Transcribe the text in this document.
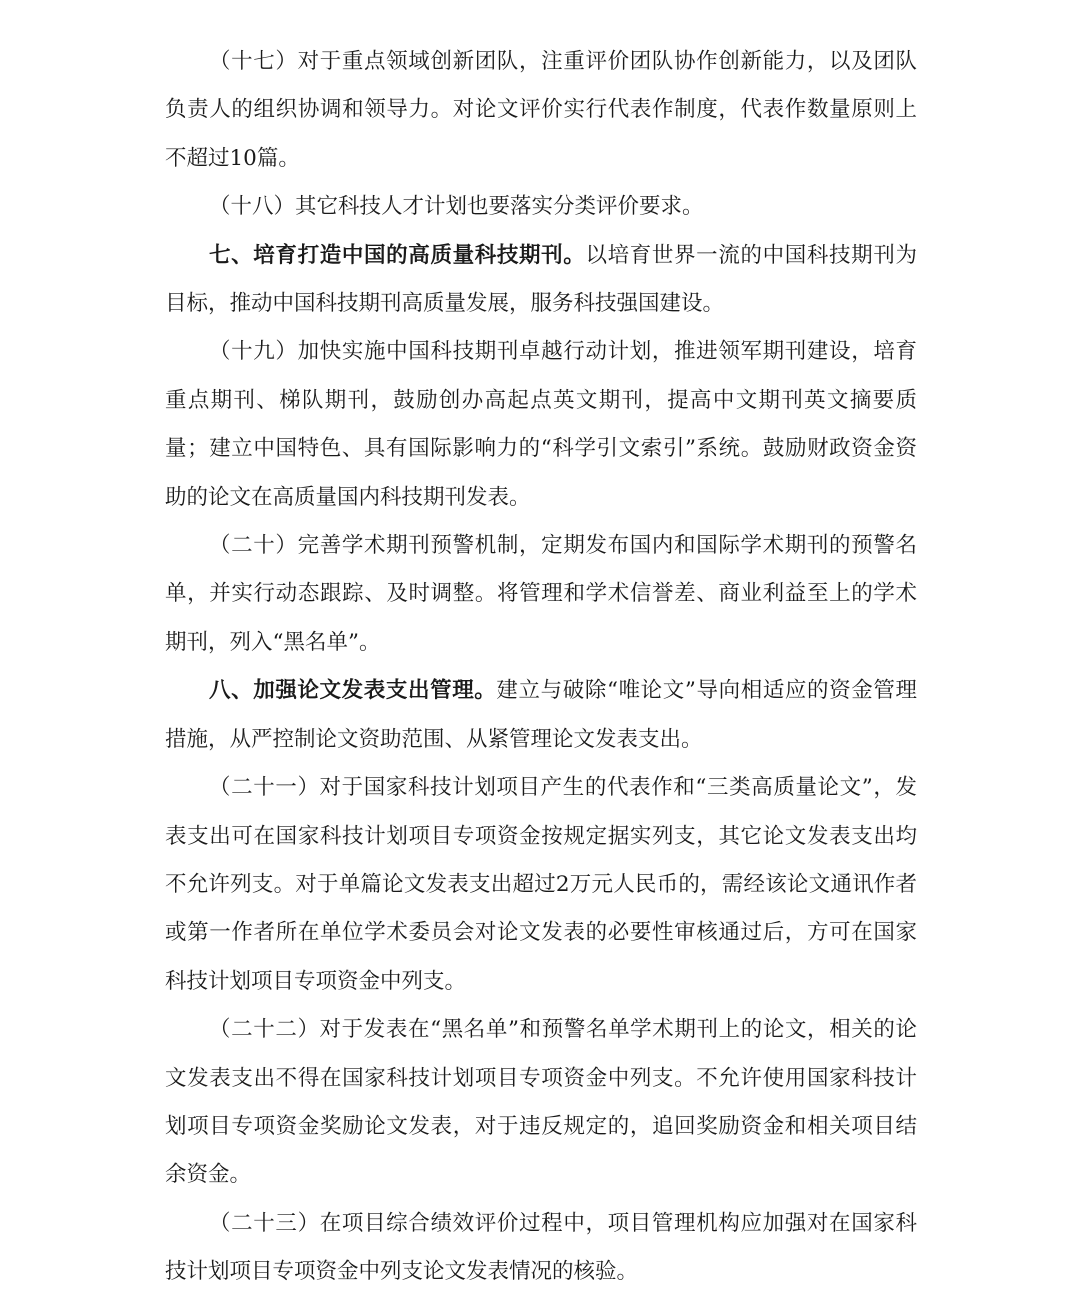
（十七）对于重点领域创新团队，注重评价团队协作创新能力，以及团队负责人的组织协调和领导力。对论文评价实行代表作制度，代表作数量原则上不超过10篇。

（十八）其它科技人才计划也要落实分类评价要求。

七、培育打造中国的高质量科技期刊。以培育世界一流的中国科技期刊为目标，推动中国科技期刊高质量发展，服务科技强国建设。

（十九）加快实施中国科技期刊卓越行动计划，推进领军期刊建设，培育重点期刊、梯队期刊，鼓励创办高起点英文期刊，提高中文期刊英文摘要质量；建立中国特色、具有国际影响力的“科学引文索引”系统。鼓励财政资金资助的论文在高质量国内科技期刊发表。

（二十）完善学术期刊预警机制，定期发布国内和国际学术期刊的预警名单，并实行动态跟踪、及时调整。将管理和学术信誉差、商业利益至上的学术期刊，列入“黑名单”。

八、加强论文发表支出管理。建立与破除“唯论文”导向相适应的资金管理措施，从严控制论文资助范围、从紧管理论文发表支出。

（二十一）对于国家科技计划项目产生的代表作和“三类高质量论文”，发表支出可在国家科技计划项目专项资金按规定据实列支，其它论文发表支出均不允许列支。对于单篇论文发表支出超过2万元人民币的，需经该论文通讯作者或第一作者所在单位学术委员会对论文发表的必要性审核通过后，方可在国家科技计划项目专项资金中列支。

（二十二）对于发表在“黑名单”和预警名单学术期刊上的论文，相关的论文发表支出不得在国家科技计划项目专项资金中列支。不允许使用国家科技计划项目专项资金奖励论文发表，对于违反规定的，追回奖励资金和相关项目结余资金。

（二十三）在项目综合绩效评价过程中，项目管理机构应加强对在国家科技计划项目专项资金中列支论文发表情况的核验。
